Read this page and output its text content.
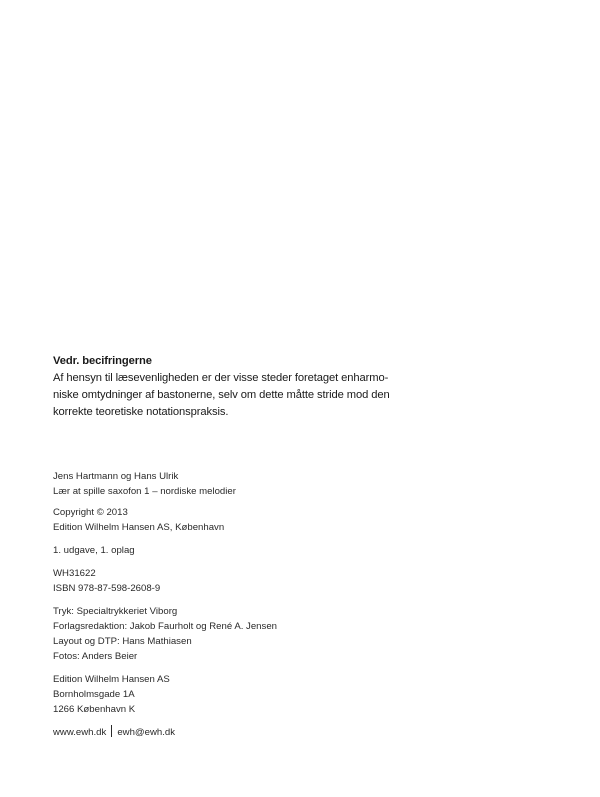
Vedr. becifringerne
Af hensyn til læsevenligheden er der visse steder foretaget enharmo-
niske omtydninger af bastonerne, selv om dette måtte stride mod den
korrekte teoretiske notationspraksis.
Jens Hartmann og Hans Ulrik
Lær at spille saxofon 1 – nordiske melodier
Copyright © 2013
Edition Wilhelm Hansen AS, København
1. udgave, 1. oplag
WH31622
ISBN 978-87-598-2608-9
Tryk: Specialtrykkeriet Viborg
Forlagsredaktion: Jakob Faurholt og René A. Jensen
Layout og DTP: Hans Mathiasen
Fotos: Anders Beier
Edition Wilhelm Hansen AS
Bornholmsgade 1A
1266 København K
www.ewh.dk ewh@ewh.dk
